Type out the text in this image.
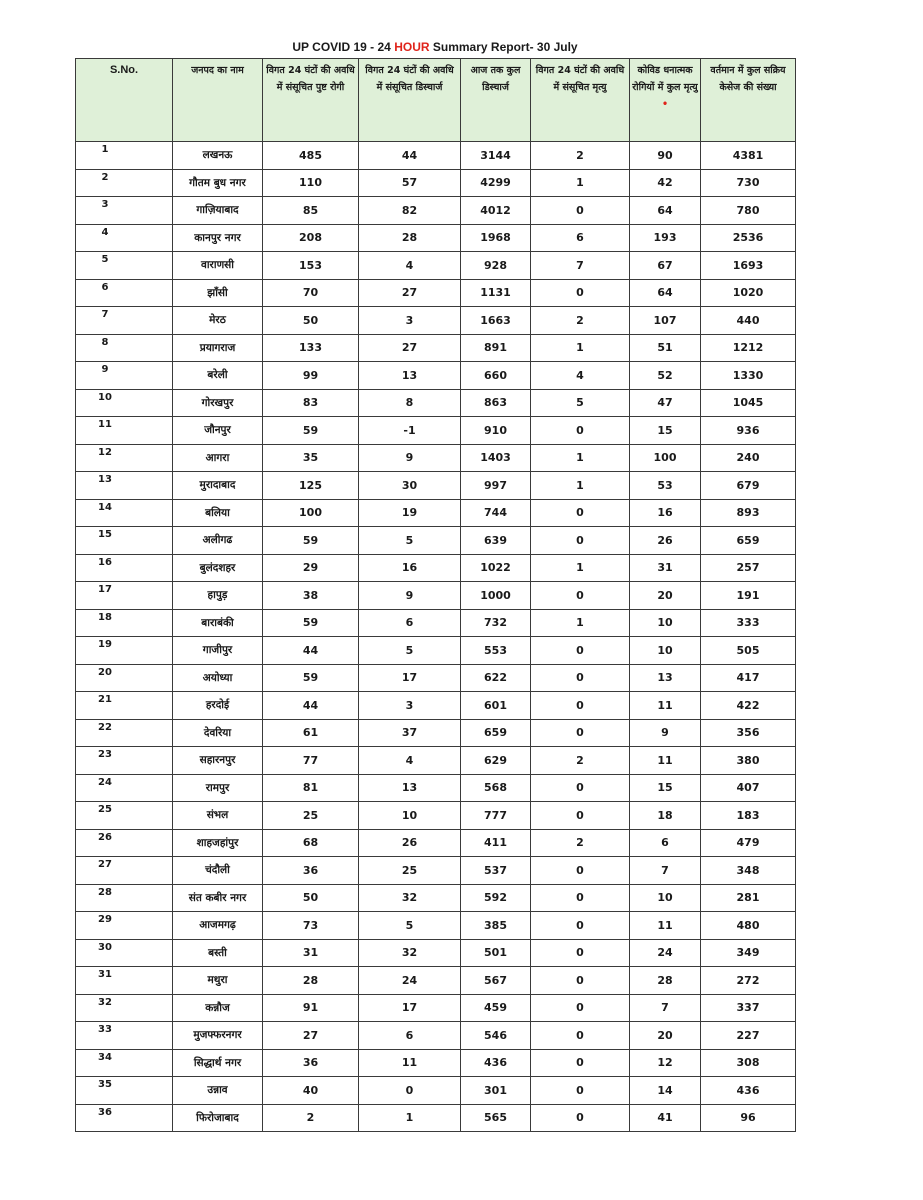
UP COVID 19 - 24 HOUR Summary Report- 30 July
S.No.	जनपद का नाम	विगत 24 घंटों की अवधि में संसूचित पुष्ट रोगी	विगत 24 घंटों की अवधि में संसूचित डिस्चार्ज	आज तक कुल डिस्चार्ज	विगत 24 घंटों की अवधि में संसूचित मृत्यु	कोविड धनात्मक रोगियों में कुल मृत्यु •	वर्तमान में कुल सक्रिय केसेज की संख्या
1	लखनऊ	485	44	3144	2	90	4381
2	गौतम बुध नगर	110	57	4299	1	42	730
3	गाज़ियाबाद	85	82	4012	0	64	780
4	कानपुर नगर	208	28	1968	6	193	2536
5	वाराणसी	153	4	928	7	67	1693
6	झाँसी	70	27	1131	0	64	1020
7	मेरठ	50	3	1663	2	107	440
8	प्रयागराज	133	27	891	1	51	1212
9	बरेली	99	13	660	4	52	1330
10	गोरखपुर	83	8	863	5	47	1045
11	जौनपुर	59	-1	910	0	15	936
12	आगरा	35	9	1403	1	100	240
13	मुरादाबाद	125	30	997	1	53	679
14	बलिया	100	19	744	0	16	893
15	अलीगढ	59	5	639	0	26	659
16	बुलंदशहर	29	16	1022	1	31	257
17	हापुड़	38	9	1000	0	20	191
18	बाराबंकी	59	6	732	1	10	333
19	गाजीपुर	44	5	553	0	10	505
20	अयोध्या	59	17	622	0	13	417
21	हरदोई	44	3	601	0	11	422
22	देवरिया	61	37	659	0	9	356
23	सहारनपुर	77	4	629	2	11	380
24	रामपुर	81	13	568	0	15	407
25	संभल	25	10	777	0	18	183
26	शाहजहांपुर	68	26	411	2	6	479
27	चंदौली	36	25	537	0	7	348
28	संत कबीर नगर	50	32	592	0	10	281
29	आजमगढ़	73	5	385	0	11	480
30	बस्ती	31	32	501	0	24	349
31	मथुरा	28	24	567	0	28	272
32	कन्नौज	91	17	459	0	7	337
33	मुजफ्फरनगर	27	6	546	0	20	227
34	सिद्धार्थ नगर	36	11	436	0	12	308
35	उन्नाव	40	0	301	0	14	436
36	फिरोजाबाद	2	1	565	0	41	96
